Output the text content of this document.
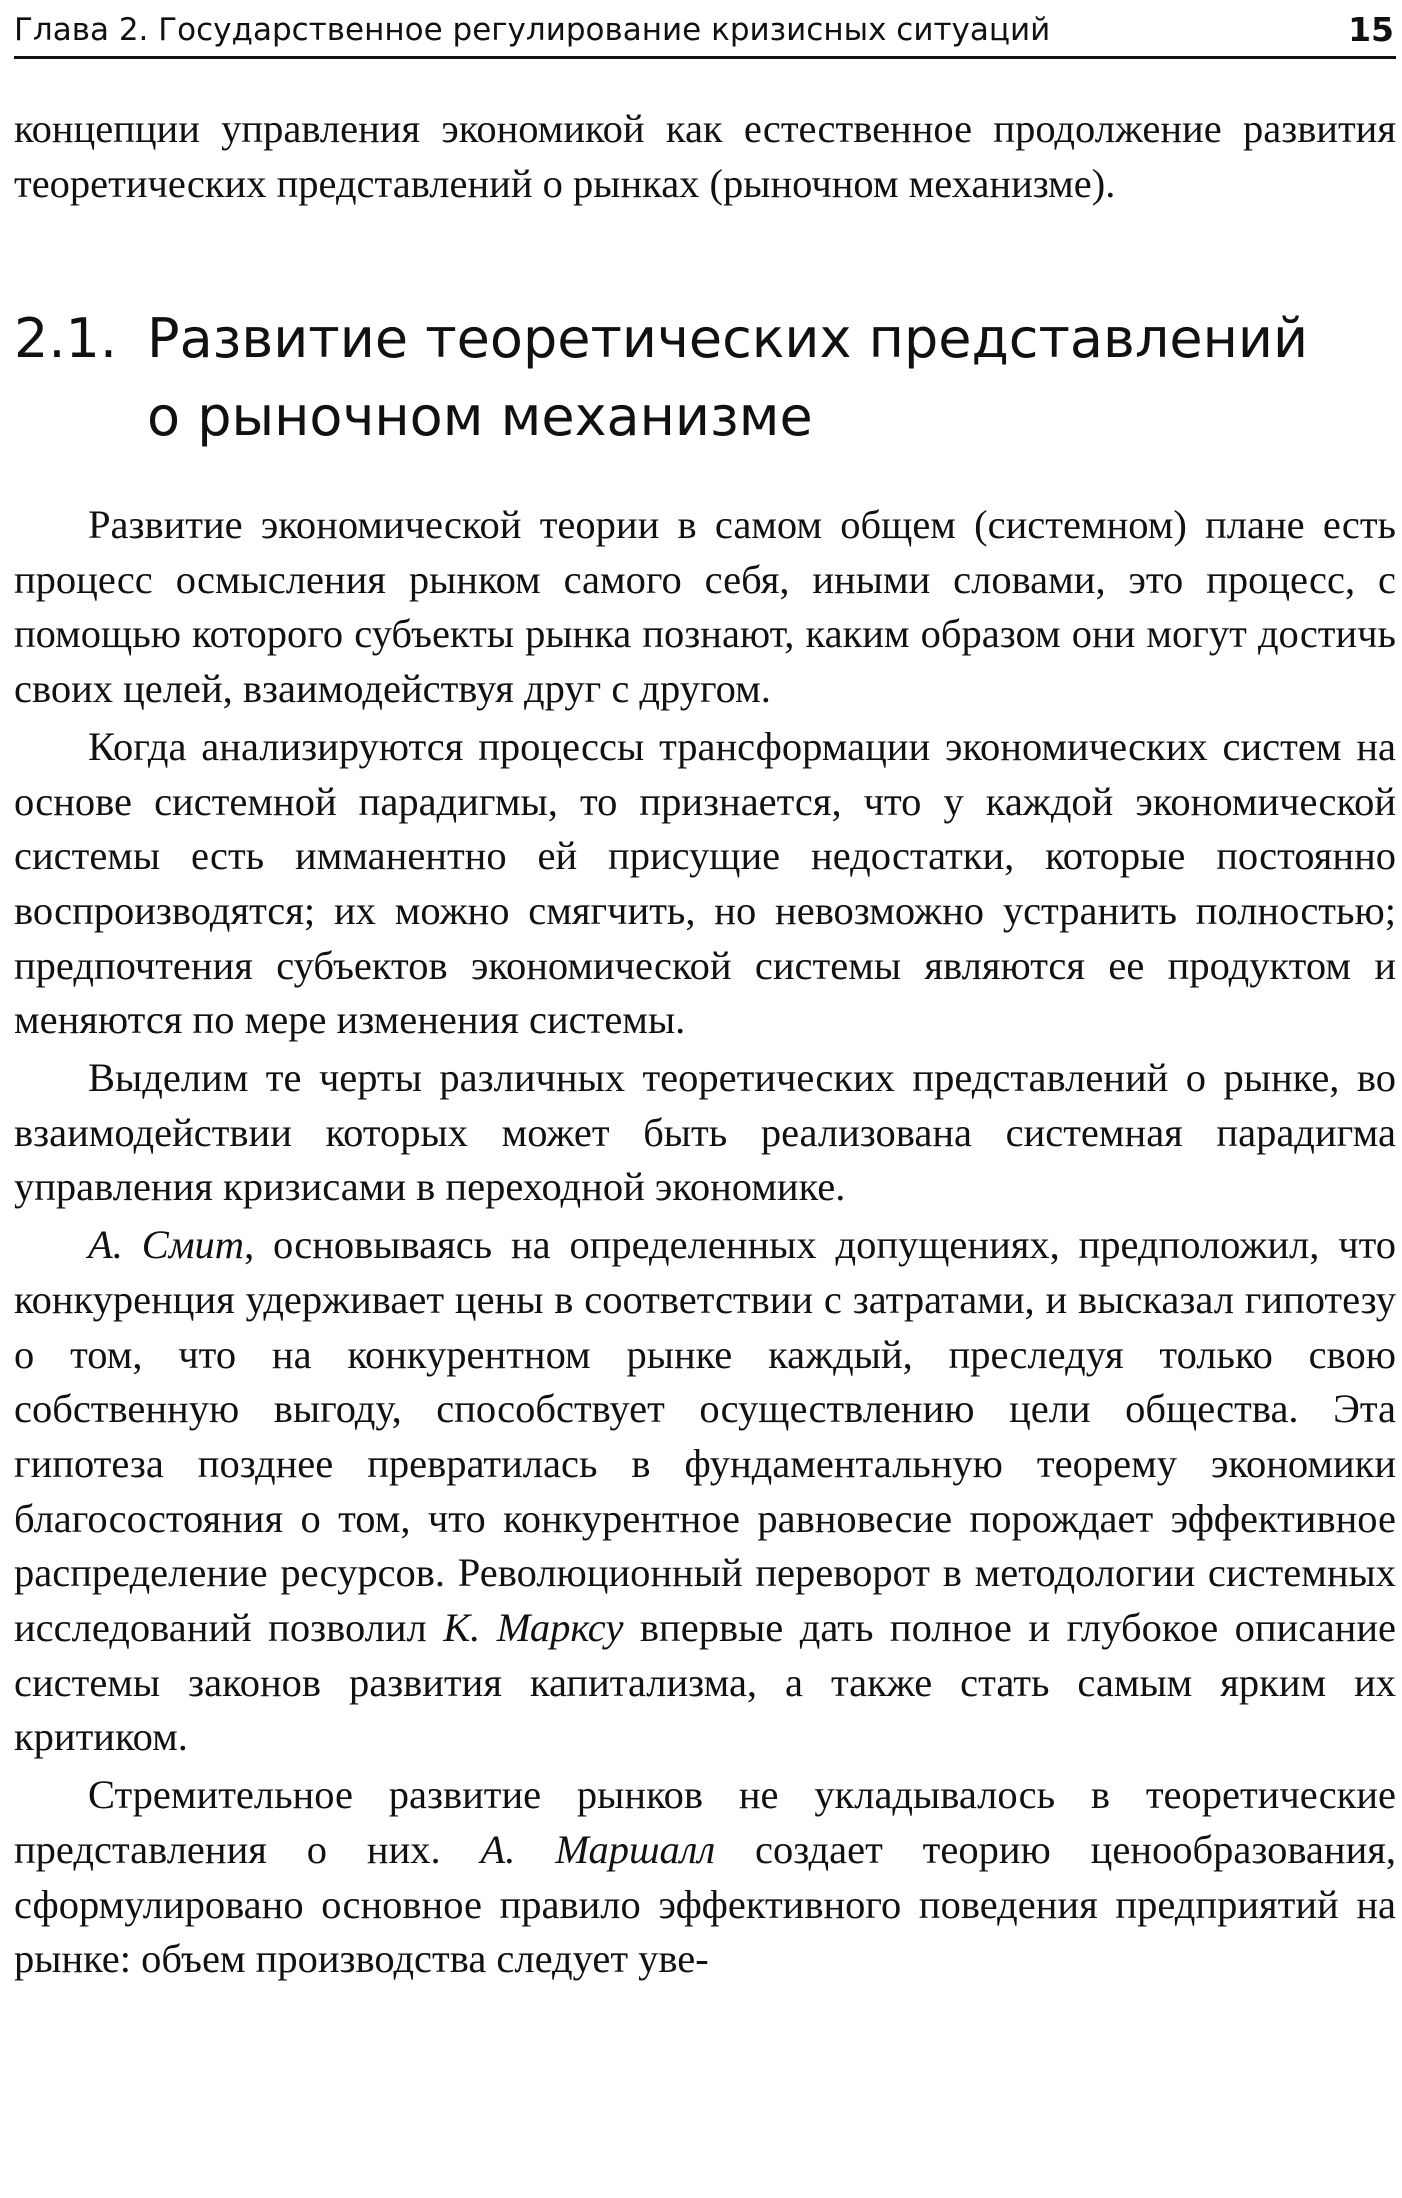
Глава 2. Государственное регулирование кризисных ситуаций	15
концепции управления экономикой как естественное продолжение развития теоретических представлений о рынках (рыночном механизме).
2.1. Развитие теоретических представлений
о рыночном механизме

Развитие экономической теории в самом общем (системном) плане есть процесс осмысления рынком самого себя, иными словами, это процесс, с помощью которого субъекты рынка познают, каким образом они могут достичь своих целей, взаимодействуя друг с другом.

Когда анализируются процессы трансформации экономических систем на основе системной парадигмы, то признается, что у каждой экономической системы есть имманентно ей присущие недостатки, которые постоянно воспроизводятся; их можно смягчить, но невозможно устранить полностью; предпочтения субъектов экономической системы являются ее продуктом и меняются по мере изменения системы.

Выделим те черты различных теоретических представлений о рынке, во взаимодействии которых может быть реализована системная парадигма управления кризисами в переходной экономике.

А. Смит, основываясь на определенных допущениях, предположил, что конкуренция удерживает цены в соответствии с затратами, и высказал гипотезу о том, что на конкурентном рынке каждый, преследуя только свою собственную выгоду, способствует осуществлению цели общества. Эта гипотеза позднее превратилась в фундаментальную теорему экономики благосостояния о том, что конкурентное равновесие порождает эффективное распределение ресурсов. Революционный переворот в методологии системных исследований позволил К. Марксу впервые дать полное и глубокое описание системы законов развития капитализма, а также стать самым ярким их критиком.

Стремительное развитие рынков не укладывалось в теоретические представления о них. А. Маршалл создает теорию ценообразования, сформулировано основное правило эффективного поведения предприятий на рынке: объем производства следует уве-
